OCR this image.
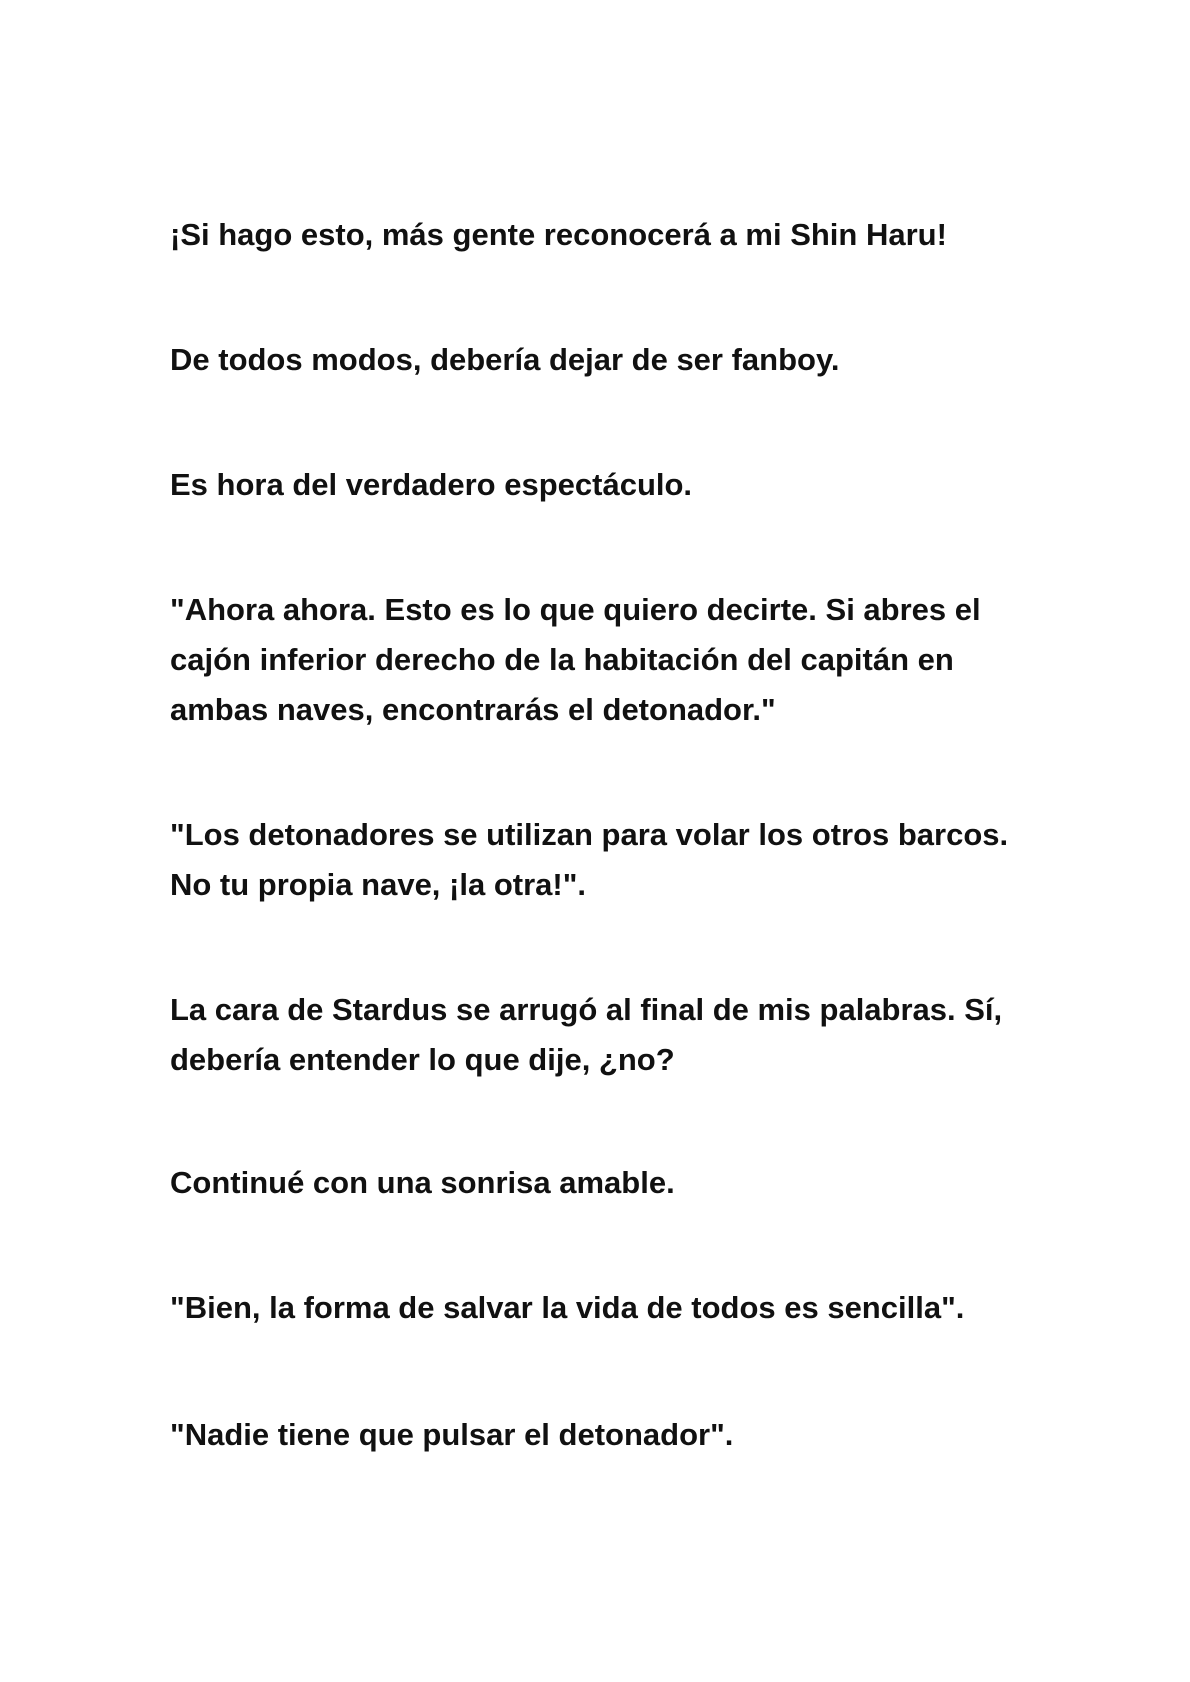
¡Si hago esto, más gente reconocerá a mi Shin Haru!

De todos modos, debería dejar de ser fanboy.

Es hora del verdadero espectáculo.

"Ahora ahora. Esto es lo que quiero decirte. Si abres el
cajón inferior derecho de la habitación del capitán en
ambas naves, encontrarás el detonador."

"Los detonadores se utilizan para volar los otros barcos.
No tu propia nave, ¡la otra!".

La cara de Stardus se arrugó al final de mis palabras. Sí,
debería entender lo que dije, ¿no?

Continué con una sonrisa amable.

"Bien, la forma de salvar la vida de todos es sencilla".

"Nadie tiene que pulsar el detonador".
